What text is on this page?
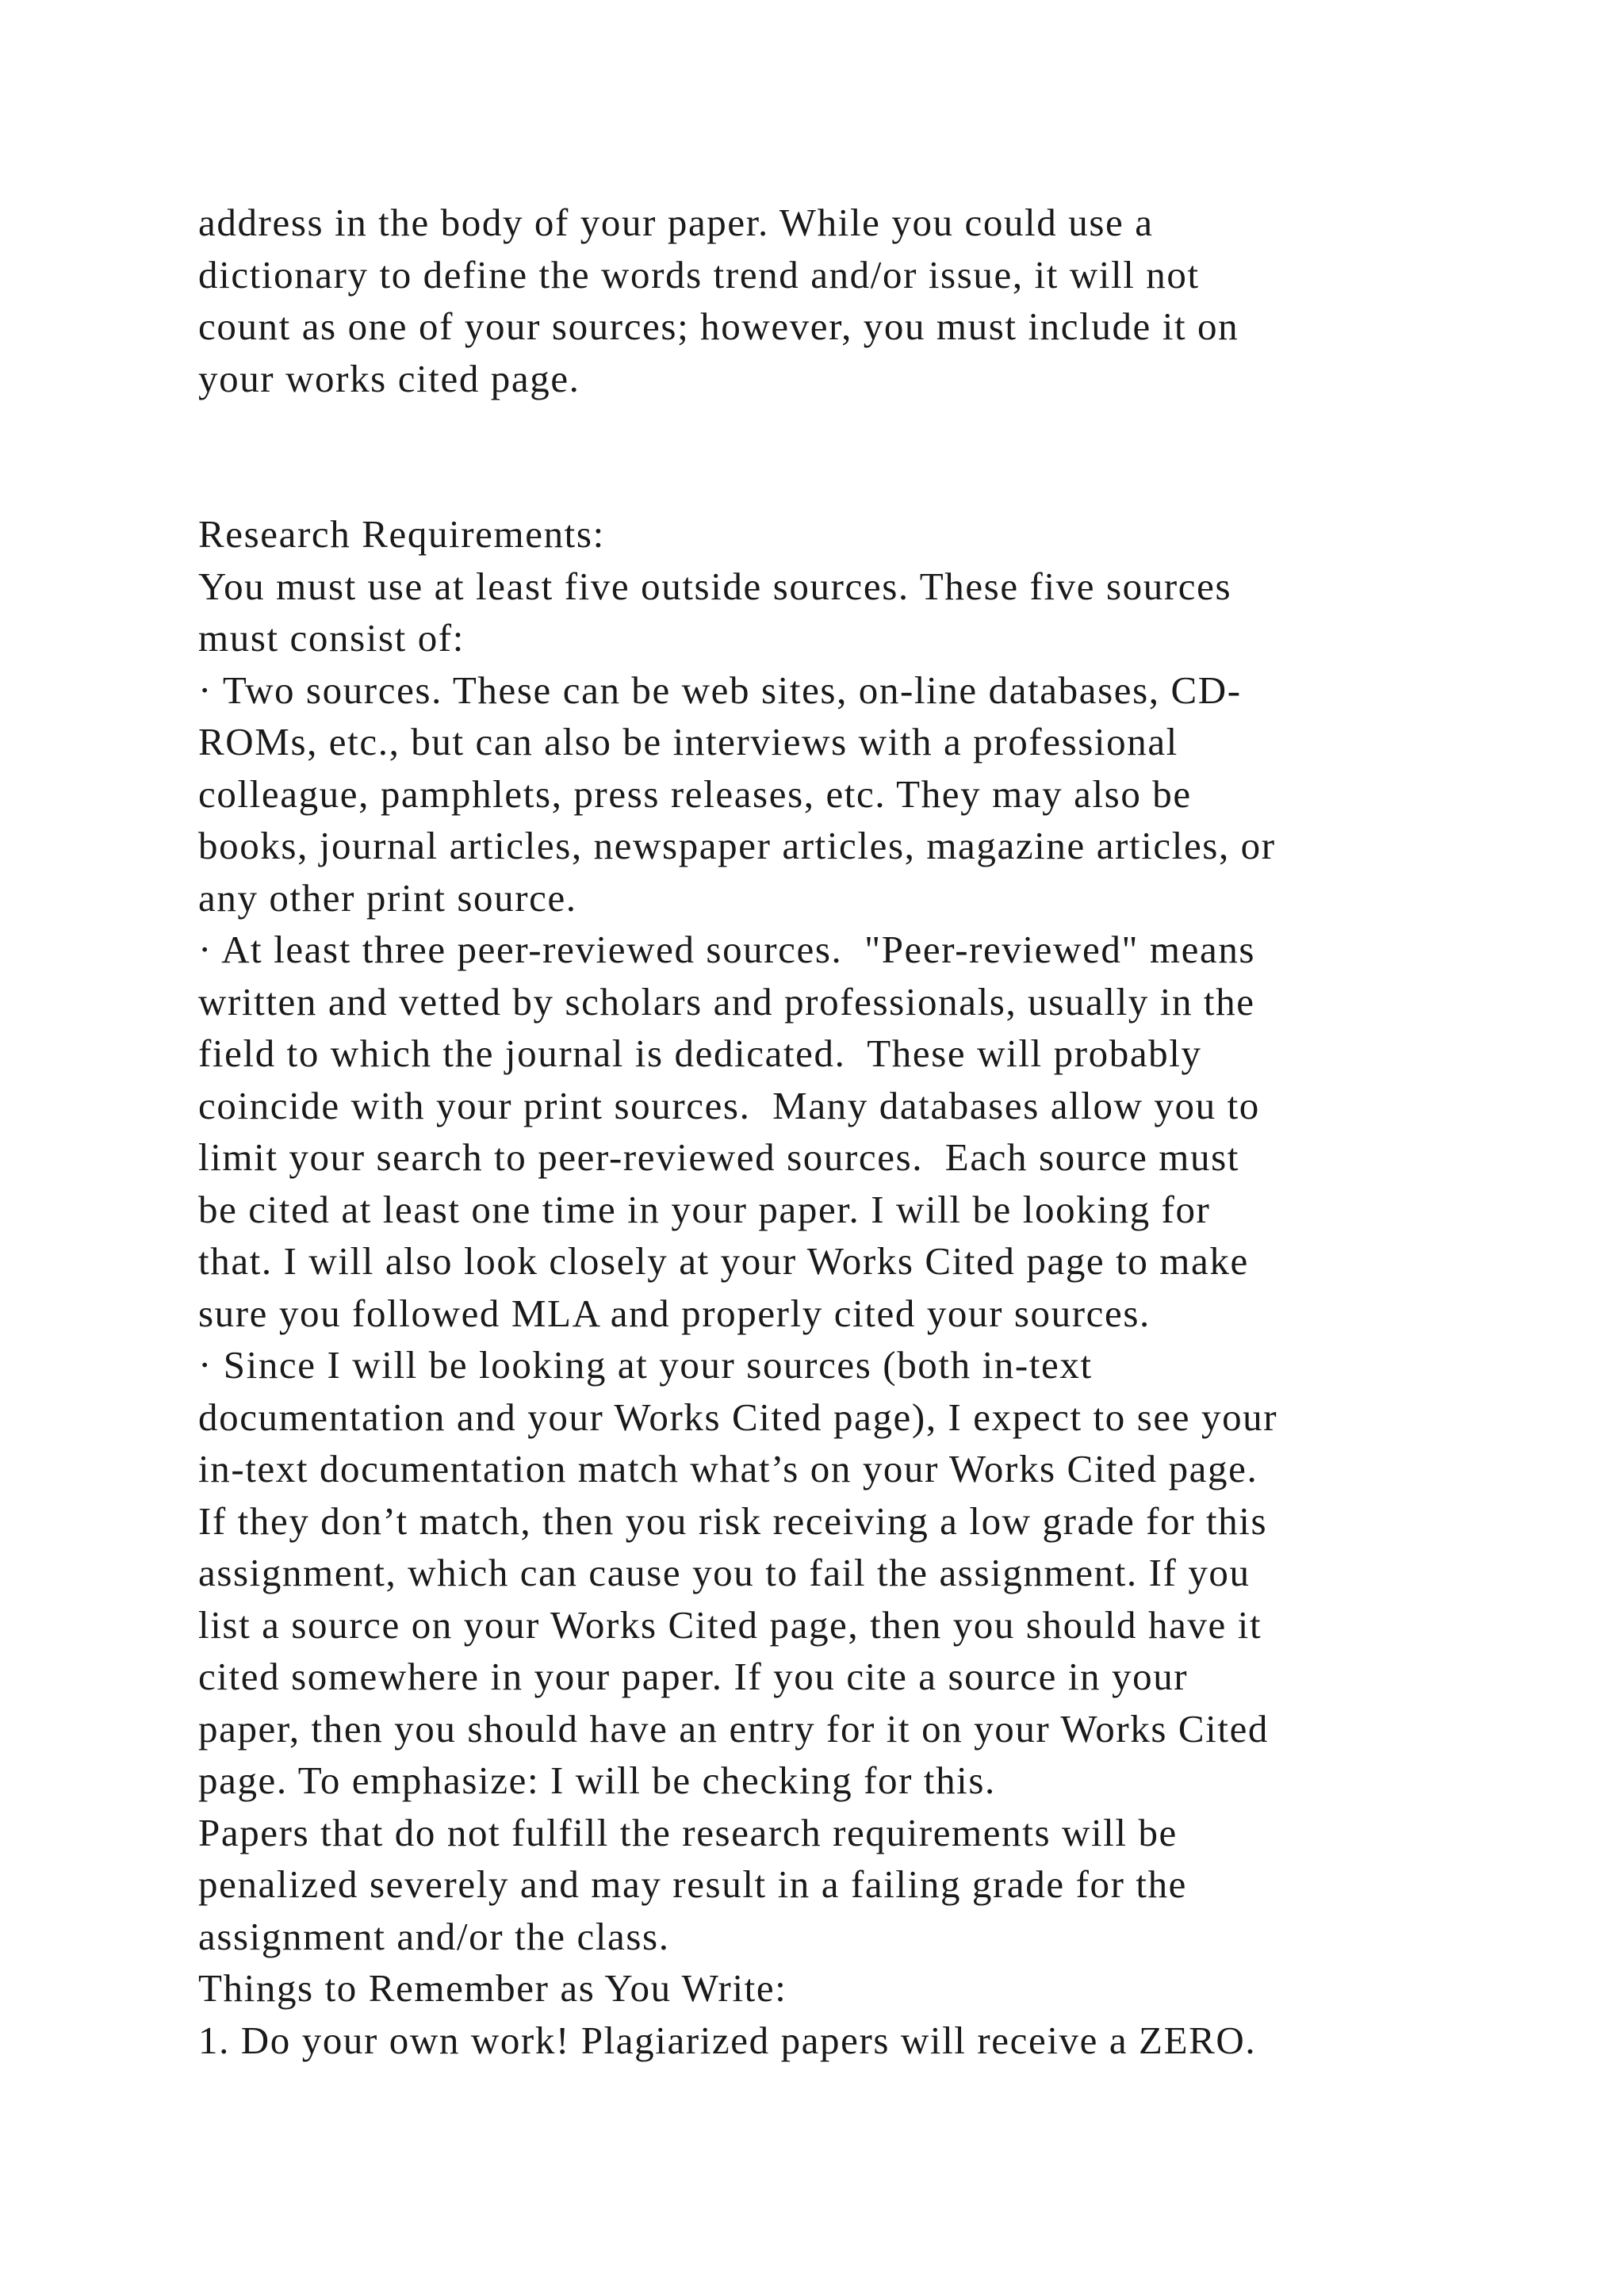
address in the body of your paper. While you could use a
dictionary to define the words trend and/or issue, it will not
count as one of your sources; however, you must include it on
your works cited page.
Research Requirements:
You must use at least five outside sources. These five sources
must consist of:
· Two sources. These can be web sites, on-line databases, CD-
ROMs, etc., but can also be interviews with a professional
colleague, pamphlets, press releases, etc. They may also be
books, journal articles, newspaper articles, magazine articles, or
any other print source.
· At least three peer-reviewed sources.  "Peer-reviewed" means
written and vetted by scholars and professionals, usually in the
field to which the journal is dedicated.  These will probably
coincide with your print sources.  Many databases allow you to
limit your search to peer-reviewed sources.  Each source must
be cited at least one time in your paper. I will be looking for
that. I will also look closely at your Works Cited page to make
sure you followed MLA and properly cited your sources.
· Since I will be looking at your sources (both in-text
documentation and your Works Cited page), I expect to see your
in-text documentation match what’s on your Works Cited page.
If they don’t match, then you risk receiving a low grade for this
assignment, which can cause you to fail the assignment. If you
list a source on your Works Cited page, then you should have it
cited somewhere in your paper. If you cite a source in your
paper, then you should have an entry for it on your Works Cited
page. To emphasize: I will be checking for this.
Papers that do not fulfill the research requirements will be
penalized severely and may result in a failing grade for the
assignment and/or the class.
Things to Remember as You Write:
1. Do your own work! Plagiarized papers will receive a ZERO.
